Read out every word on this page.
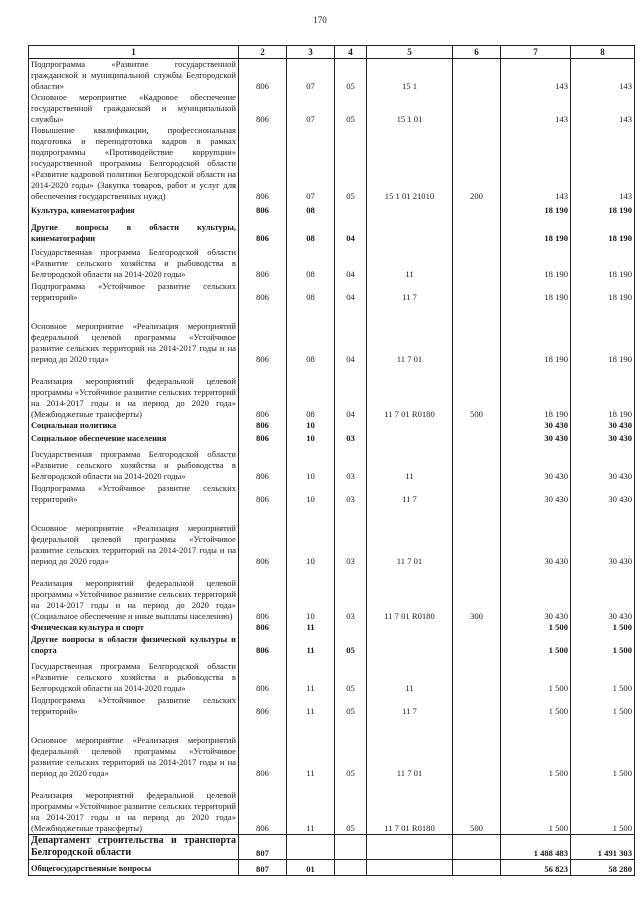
170
1	2	3	4	5	6	7	8
Подпрограмма «Развитие государственной гражданской и муниципальной службы Белгородской области»	806	07	05	15 1		143	143
Основное мероприятие «Кадровое обеспечение государственной гражданской и муниципальной службы»	806	07	05	15 1 01		143	143
Повышение квалификации, профессиональная подготовка и переподготовка кадров в рамках подпрограммы «Противодействие коррупции» государственной программы Белгородской области «Развитие кадровой политики Белгородской области на 2014-2020 годы» (Закупка товаров, работ и услуг для обеспечения государственных нужд)	806	07	05	15 1 01 21010	200	143	143
Культура, кинематография	806	08				18 190	18 190
Другие вопросы в области культуры, кинематографии	806	08	04			18 190	18 190
Государственная программа Белгородской области «Развитие сельского хозяйства и рыбоводства в Белгородской области на 2014-2020 годы»	806	08	04	11		18 190	18 190
Подпрограмма «Устойчивое развитие сельских территорий»	806	08	04	11 7		18 190	18 190
Основное мероприятие «Реализация мероприятий федеральной целевой программы «Устойчивое развитие сельских территорий на 2014-2017 годы и на период до 2020 года»	806	08	04	11 7 01		18 190	18 190
Реализация мероприятий федеральной целевой программы «Устойчивое развитие сельских территорий на 2014-2017 годы и на период до 2020 года» (Межбюджетные трансферты)	806	08	04	11 7 01 R0180	500	18 190	18 190
Социальная политика	806	10				30 430	30 430
Социальное обеспечение населения	806	10	03			30 430	30 430
Государственная программа Белгородской области «Развитие сельского хозяйства и рыбоводства в Белгородской области на 2014-2020 годы»	806	10	03	11		30 430	30 430
Подпрограмма «Устойчивое развитие сельских территорий»	806	10	03	11 7		30 430	30 430
Основное мероприятие «Реализация мероприятий федеральной целевой программы «Устойчивое развитие сельских территорий на 2014-2017 годы и на период до 2020 года»	806	10	03	11 7 01		30 430	30 430
Реализация мероприятий федеральной целевой программы «Устойчивое развитие сельских территорий на 2014-2017 годы и на период до 2020 года» (Социальное обеспечение и иные выплаты населению)	806	10	03	11 7 01 R0180	300	30 430	30 430
Физическая культура и спорт	806	11				1 500	1 500
Другие вопросы в области физической культуры и спорта	806	11	05			1 500	1 500
Государственная программа Белгородской области «Развитие сельского хозяйства и рыбоводства в Белгородской области на 2014-2020 годы»	806	11	05	11		1 500	1 500
Подпрограмма «Устойчивое развитие сельских территорий»	806	11	05	11 7		1 500	1 500
Основное мероприятие «Реализация мероприятий федеральной целевой программы «Устойчивое развитие сельских территорий на 2014-2017 годы и на период до 2020 года»	806	11	05	11 7 01		1 500	1 500
Реализация мероприятий федеральной целевой программы «Устойчивое развитие сельских территорий на 2014-2017 годы и на период до 2020 года» (Межбюджетные трансферты)	806	11	05	11 7 01 R0180	500	1 500	1 500
Департамент строительства и транспорта Белгородской области	807					1 488 483	1 491 303
Общегосударственные вопросы	807	01				56 823	58 280
